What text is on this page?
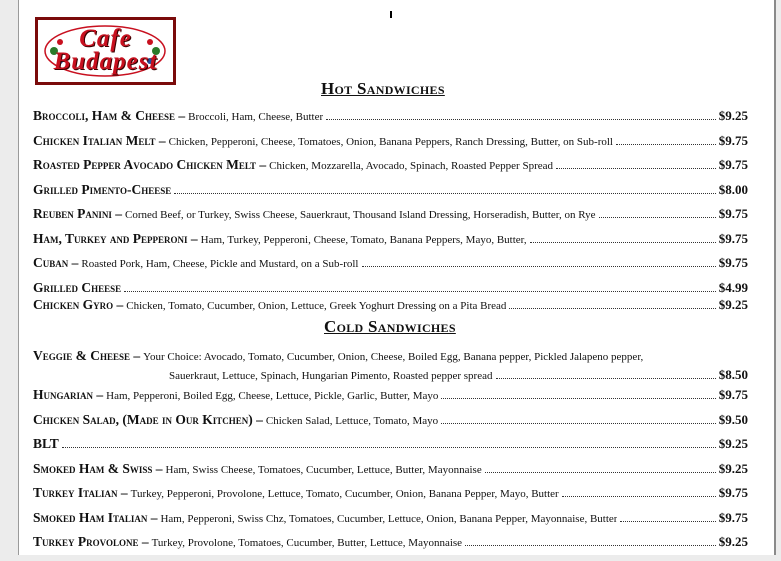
Cafe
Budapest
Hot Sandwiches
Broccoli, Ham & Cheese – Broccoli, Ham, Cheese, Butter	$9.25
Chicken Italian Melt – Chicken, Pepperoni, Cheese, Tomatoes, Onion, Banana Peppers, Ranch Dressing, Butter, on Sub-roll	$9.75
Roasted Pepper Avocado Chicken Melt – Chicken, Mozzarella, Avocado, Spinach, Roasted Pepper Spread	$9.75
Grilled Pimento-Cheese	$8.00
Reuben Panini – Corned Beef, or Turkey, Swiss Cheese, Sauerkraut, Thousand Island Dressing, Horseradish, Butter, on Rye	$9.75
Ham, Turkey and Pepperoni – Ham, Turkey, Pepperoni, Cheese, Tomato, Banana Peppers, Mayo, Butter,	$9.75
Cuban – Roasted Pork, Ham, Cheese, Pickle and Mustard, on a Sub-roll	$9.75
Grilled Cheese	$4.99
Chicken Gyro – Chicken, Tomato, Cucumber, Onion, Lettuce, Greek Yoghurt Dressing on a Pita Bread	$9.25
Cold Sandwiches
Veggie & Cheese – Your Choice: Avocado, Tomato, Cucumber, Onion, Cheese, Boiled Egg, Banana pepper, Pickled Jalapeno pepper,
Sauerkraut, Lettuce, Spinach, Hungarian Pimento, Roasted pepper spread	$8.50
Hungarian – Ham, Pepperoni, Boiled Egg, Cheese, Lettuce, Pickle, Garlic, Butter, Mayo	$9.75
Chicken Salad, (Made in Our Kitchen) – Chicken Salad, Lettuce, Tomato, Mayo	$9.50
BLT	$9.25
Smoked Ham & Swiss – Ham, Swiss Cheese, Tomatoes, Cucumber, Lettuce, Butter, Mayonnaise	$9.25
Turkey Italian – Turkey, Pepperoni, Provolone, Lettuce, Tomato, Cucumber, Onion, Banana Pepper, Mayo, Butter	$9.75
Smoked Ham Italian – Ham, Pepperoni, Swiss Chz, Tomatoes, Cucumber, Lettuce, Onion, Banana Pepper, Mayonnaise, Butter	$9.75
Turkey Provolone – Turkey, Provolone, Tomatoes, Cucumber, Butter, Lettuce, Mayonnaise	$9.25
